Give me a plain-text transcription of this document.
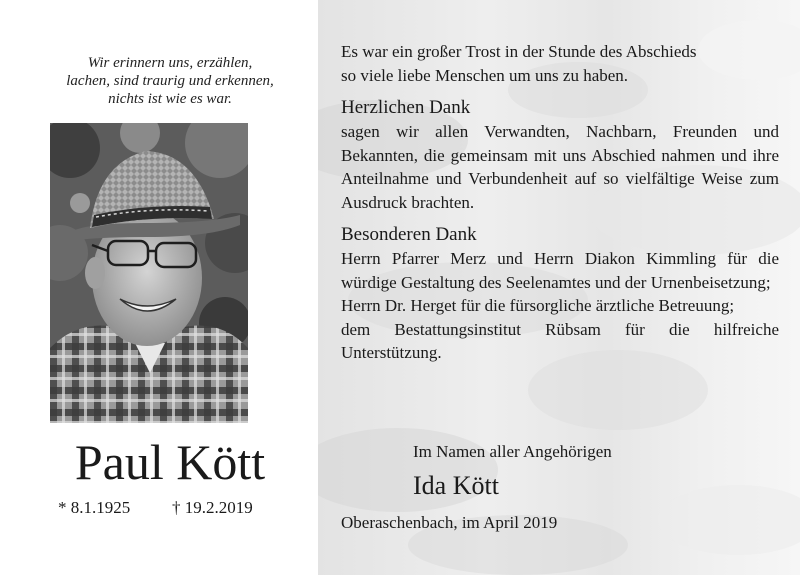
Wir erinnern uns, erzählen,
lachen, sind traurig und erkennen,
nichts ist wie es war.
Paul Kött
* 8.1.1925 † 19.2.2019
Es war ein großer Trost in der Stunde des Abschieds
so viele liebe Menschen um uns zu haben.
Herzlichen Dank
sagen wir allen Verwandten, Nachbarn, Freunden und Bekannten, die gemeinsam mit uns Abschied nahmen und ihre Anteilnahme und Verbundenheit auf so vielfältige Weise zum Ausdruck brachten.
Besonderen Dank
Herrn Pfarrer Merz und Herrn Diakon Kimmling für die würdige Gestaltung des Seelenamtes und der Urnenbeisetzung;
Herrn Dr. Herget für die fürsorgliche ärztliche Betreuung;
dem Bestattungsinstitut Rübsam für die hilfreiche Unterstützung.
Im Namen aller Angehörigen
Ida Kött
Oberaschenbach, im April 2019
